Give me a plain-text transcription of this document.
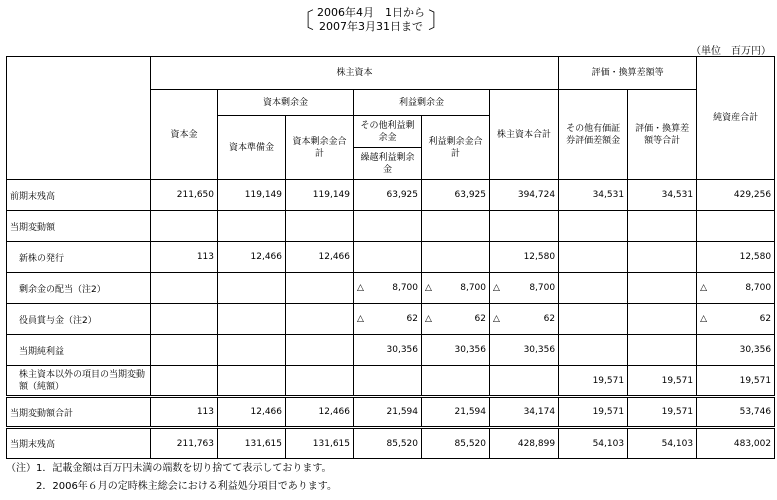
〔 2006年4月　1日から
2007年3月31日まで 〕
（単位　百万円）
	株主資本						評価・換算差額等		純資産合計
	資本金	資本剰余金		利益剰余金		株主資本合計	その他有価証券評価差額金	評価・換算差額等合計	
		資本準備金	資本剰余金合計	その他利益剰余金	利益剰余金合計				
				繰越利益剰余金					
前期末残高	211,650	119,149	119,149	63,925	63,925	394,724	34,531	34,531	429,256
当期変動額									
新株の発行	113	12,466	12,466			12,580			12,580
剰余金の配当（注2）				△ 8,700	△ 8,700	△ 8,700			△ 8,700
役員賞与金（注2）				△ 62	△ 62	△ 62			△ 62
当期純利益				30,356	30,356	30,356			30,356
株主資本以外の項目の当期変動額（純額）							19,571	19,571	19,571
当期変動額合計	113	12,466	12,466	21,594	21,594	34,174	19,571	19,571	53,746
当期末残高	211,763	131,615	131,615	85,520	85,520	428,899	54,103	54,103	483,002
（注）1．記載金額は百万円未満の端数を切り捨てて表示しております。
2．2006年６月の定時株主総会における利益処分項目であります。
